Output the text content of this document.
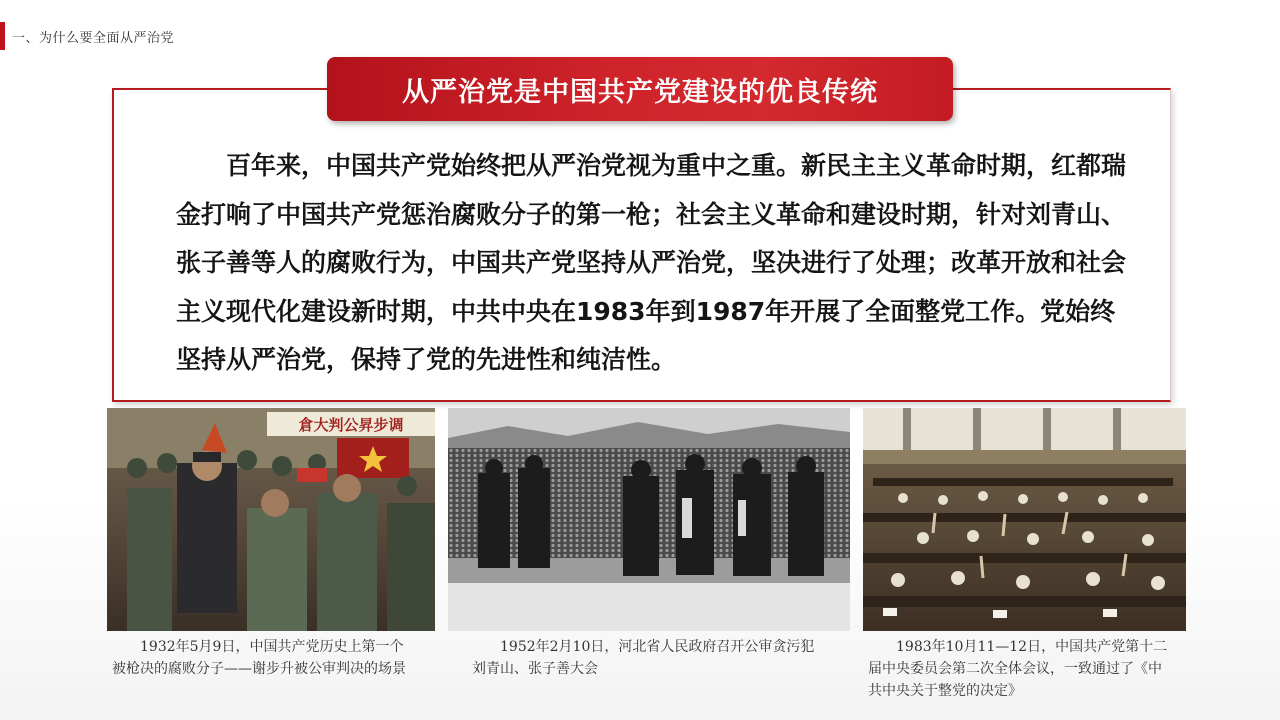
一、为什么要全面从严治党
从严治党是中国共产党建设的优良传统

百年来，中国共产党始终把从严治党视为重中之重。新民主主义革命时期，红都瑞金打响了中国共产党惩治腐败分子的第一枪；社会主义革命和建设时期，针对刘青山、张子善等人的腐败行为，中国共产党坚持从严治党，坚决进行了处理；改革开放和社会主义现代化建设新时期，中共中央在1983年到1987年开展了全面整党工作。党始终坚持从严治党，保持了党的先进性和纯洁性。

倉大判公昇步调

1932年5月9日，中国共产党历史上第一个被枪决的腐败分子——谢步升被公审判决的场景

1952年2月10日，河北省人民政府召开公审贪污犯刘青山、张子善大会

1983年10月11—12日，中国共产党第十二届中央委员会第二次全体会议，一致通过了《中共中央关于整党的决定》
